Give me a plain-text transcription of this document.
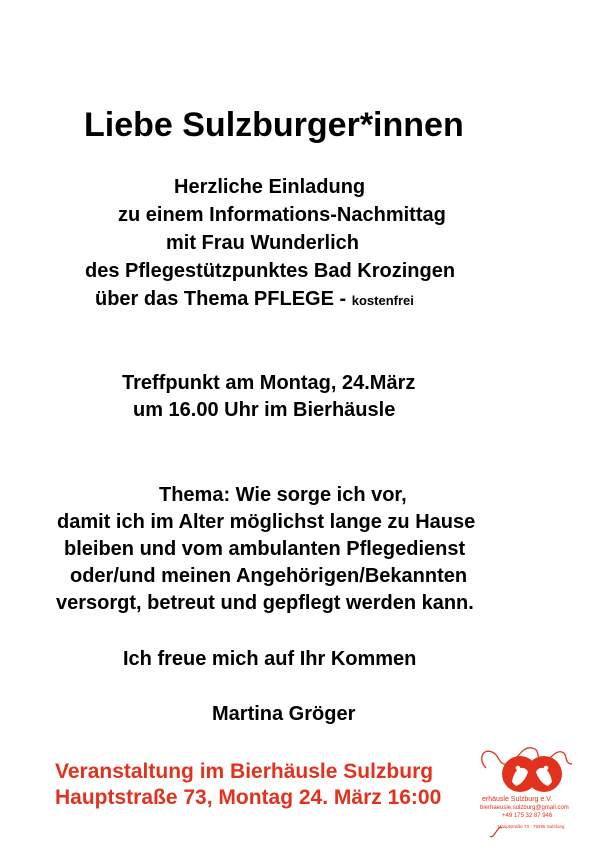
Liebe Sulzburger*innen
Herzliche Einladung
zu einem Informations-Nachmittag
mit Frau Wunderlich
des Pflegestützpunktes Bad Krozingen
über das Thema PFLEGE - kostenfrei
Treffpunkt am Montag, 24.März
um 16.00 Uhr im Bierhäusle
Thema: Wie sorge ich vor,
damit ich im Alter möglichst lange zu Hause
bleiben und vom ambulanten Pflegedienst
oder/und meinen Angehörigen/Bekannten
versorgt, betreut und gepflegt werden kann.
Ich freue mich auf Ihr Kommen
Martina Gröger
Veranstaltung im Bierhäusle Sulzburg
Hauptstraße 73, Montag 24. März 16:00	erhäusle Sulzburg e.V.
bierhaeusle.sulzburg@gmail.com
+49 175 32 87 946
Hauptstraße 73 · 79295 Sulzburg
